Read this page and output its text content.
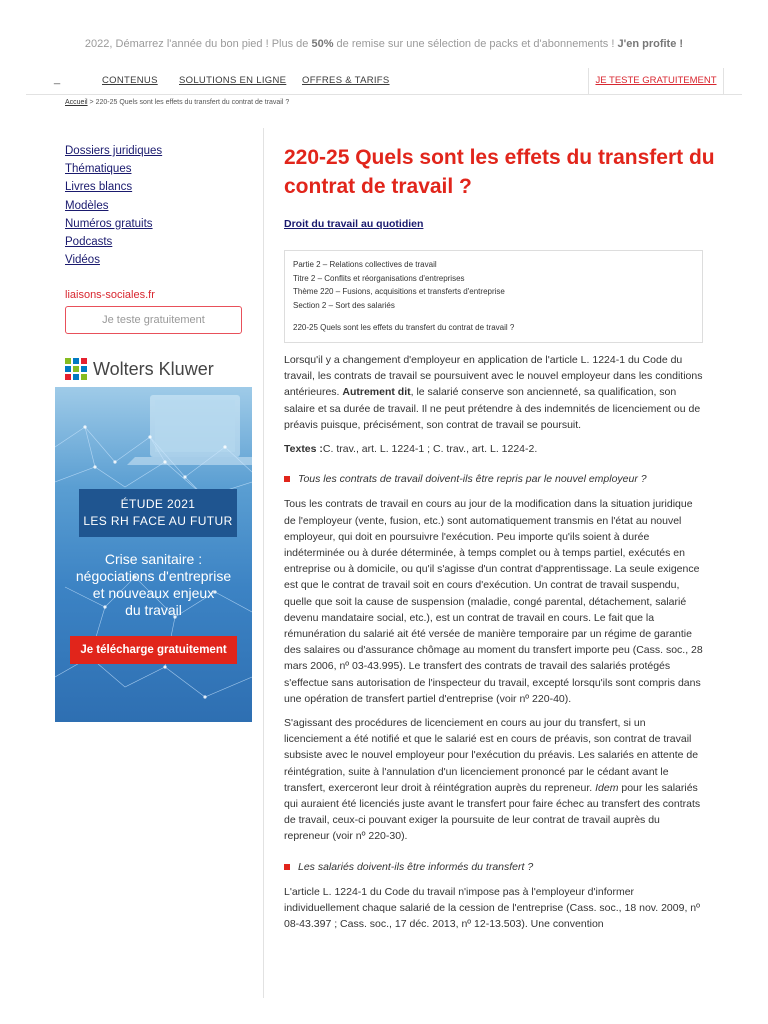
2022, Démarrez l'année du bon pied ! Plus de 50% de remise sur une sélection de packs et d'abonnements ! J'en profite !
_	CONTENUS SOLUTIONS EN LIGNE OFFRES & TARIFS	JE TESTE GRATUITEMENT
Accueil > 220-25 Quels sont les effets du transfert du contrat de travail ?
Dossiers juridiques
Thématiques
Livres blancs
Modèles
Numéros gratuits
Podcasts
Vidéos
liaisons-sociales.fr
Je teste gratuitement
Wolters Kluwer
ÉTUDE 2021
LES RH FACE AU FUTUR
Crise sanitaire :
négociations d'entreprise
et nouveaux enjeux
du travail
Je télécharge gratuitement
220-25 Quels sont les effets du transfert du contrat de travail ?
Droit du travail au quotidien
Partie 2 – Relations collectives de travail
Titre 2 – Conflits et réorganisations d'entreprises
Thème 220 – Fusions, acquisitions et transferts d'entreprise
Section 2 – Sort des salariés
220-25 Quels sont les effets du transfert du contrat de travail ?

Lorsqu'il y a changement d'employeur en application de l'article L. 1224-1 du Code du travail, les contrats de travail se poursuivent avec le nouvel employeur dans les conditions antérieures. Autrement dit, le salarié conserve son ancienneté, sa qualification, son salaire et sa durée de travail. Il ne peut prétendre à des indemnités de licenciement ou de préavis puisque, précisément, son contrat de travail se poursuit.

Textes :C. trav., art. L. 1224-1 ; C. trav., art. L. 1224-2.

Tous les contrats de travail doivent-ils être repris par le nouvel employeur ?

Tous les contrats de travail en cours au jour de la modification dans la situation juridique de l'employeur (vente, fusion, etc.) sont automatiquement transmis en l'état au nouvel employeur, qui doit en poursuivre l'exécution. Peu importe qu'ils soient à durée indéterminée ou à durée déterminée, à temps complet ou à temps partiel, exécutés en entreprise ou à domicile, ou qu'il s'agisse d'un contrat d'apprentissage. La seule exigence est que le contrat de travail soit en cours d'exécution. Un contrat de travail suspendu, quelle que soit la cause de suspension (maladie, congé parental, détachement, salarié devenu mandataire social, etc.), est un contrat de travail en cours. Le fait que la rémunération du salarié ait été versée de manière temporaire par un régime de garantie des salaires ou d'assurance chômage au moment du transfert importe peu (Cass. soc., 28 mars 2006, nº 03-43.995). Le transfert des contrats de travail des salariés protégés s'effectue sans autorisation de l'inspecteur du travail, excepté lorsqu'ils sont compris dans une opération de transfert partiel d'entreprise (voir nº 220-40).

S'agissant des procédures de licenciement en cours au jour du transfert, si un licenciement a été notifié et que le salarié est en cours de préavis, son contrat de travail subsiste avec le nouvel employeur pour l'exécution du préavis. Les salariés en attente de réintégration, suite à l'annulation d'un licenciement prononcé par le cédant avant le transfert, exerceront leur droit à réintégration auprès du repreneur. Idem pour les salariés qui auraient été licenciés juste avant le transfert pour faire échec au transfert des contrats de travail, ceux-ci pouvant exiger la poursuite de leur contrat de travail auprès du repreneur (voir nº 220-30).

Les salariés doivent-ils être informés du transfert ?

L'article L. 1224-1 du Code du travail n'impose pas à l'employeur d'informer individuellement chaque salarié de la cession de l'entreprise (Cass. soc., 18 nov. 2009, nº 08-43.397 ; Cass. soc., 17 déc. 2013, nº 12-13.503). Une convention
